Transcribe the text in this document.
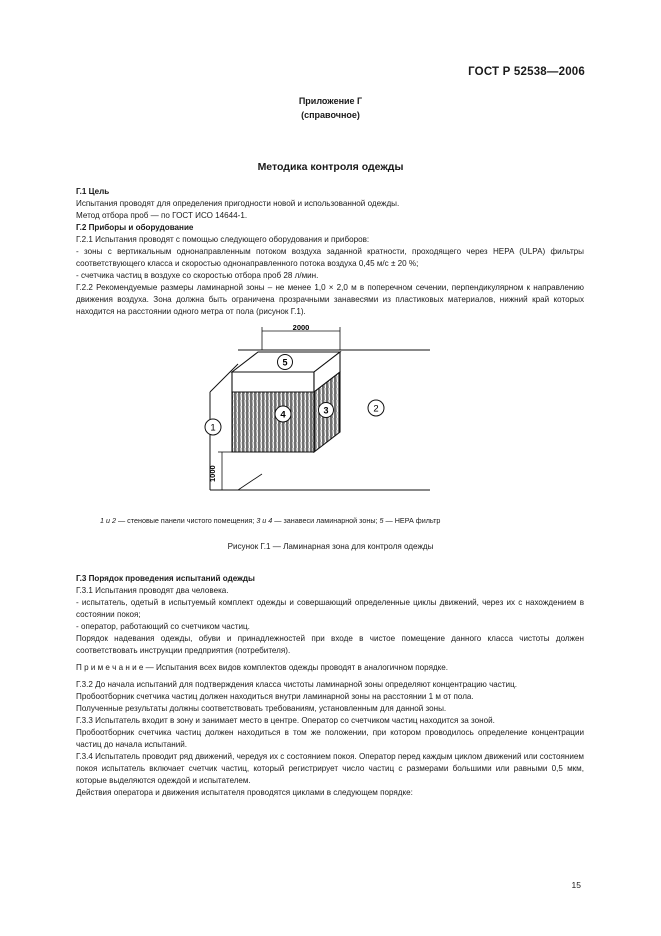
ГОСТ Р 52538—2006
Приложение Г
(справочное)
Методика контроля одежды

Г.1 Цель

Испытания проводят для определения пригодности новой и использованной одежды.

Метод отбора проб — по ГОСТ ИСО 14644-1.

Г.2 Приборы и оборудование

Г.2.1 Испытания проводят с помощью следующего оборудования и приборов:

- зоны с вертикальным однонаправленным потоком воздуха заданной кратности, проходящего через HEPA (ULPA) фильтры соответствующего класса и скоростью однонаправленного потока воздуха 0,45 м/с ± 20 %;

- счетчика частиц в воздухе со скоростью отбора проб 28 л/мин.

Г.2.2 Рекомендуемые размеры ламинарной зоны – не менее 1,0 × 2,0 м в поперечном сечении, перпендикулярном к направлению движения воздуха. Зона должна быть ограничена прозрачными занавесями из пластиковых материалов, нижний край которых находится на расстоянии одного метра от пола (рисунок Г.1).

2000
1000
5
4	3
1
2
1 и 2 — стеновые панели чистого помещения; 3 и 4 — занавеси ламинарной зоны; 5 — НЕРА фильтр
Рисунок Г.1 — Ламинарная зона для контроля одежды

Г.3 Порядок проведения испытаний одежды

Г.3.1 Испытания проводят два человека.

- испытатель, одетый в испытуемый комплект одежды и совершающий определенные циклы движений, через их с нахождением в состоянии покоя;

- оператор, работающий со счетчиком частиц.

Порядок надевания одежды, обуви и принадлежностей при входе в чистое помещение данного класса чистоты должен соответствовать инструкции предприятия (потребителя).

П р и м е ч а н и е — Испытания всех видов комплектов одежды проводят в аналогичном порядке.

Г.3.2 До начала испытаний для подтверждения класса чистоты ламинарной зоны определяют концентрацию частиц.

Пробоотборник счетчика частиц должен находиться внутри ламинарной зоны на расстоянии 1 м от пола.

Полученные результаты должны соответствовать требованиям, установленным для данной зоны.

Г.3.3 Испытатель входит в зону и занимает место в центре. Оператор со счетчиком частиц находится за зоной.

Пробоотборник счетчика частиц должен находиться в том же положении, при котором проводилось определение концентрации частиц до начала испытаний.

Г.3.4 Испытатель проводит ряд движений, чередуя их с состоянием покоя. Оператор перед каждым циклом движений или состоянием покоя испытатель включает счетчик частиц, который регистрирует число частиц с размерами большими или равными 0,5 мкм, которые выделяются одеждой и испытателем.

Действия оператора и движения испытателя проводятся циклами в следующем порядке:

15
